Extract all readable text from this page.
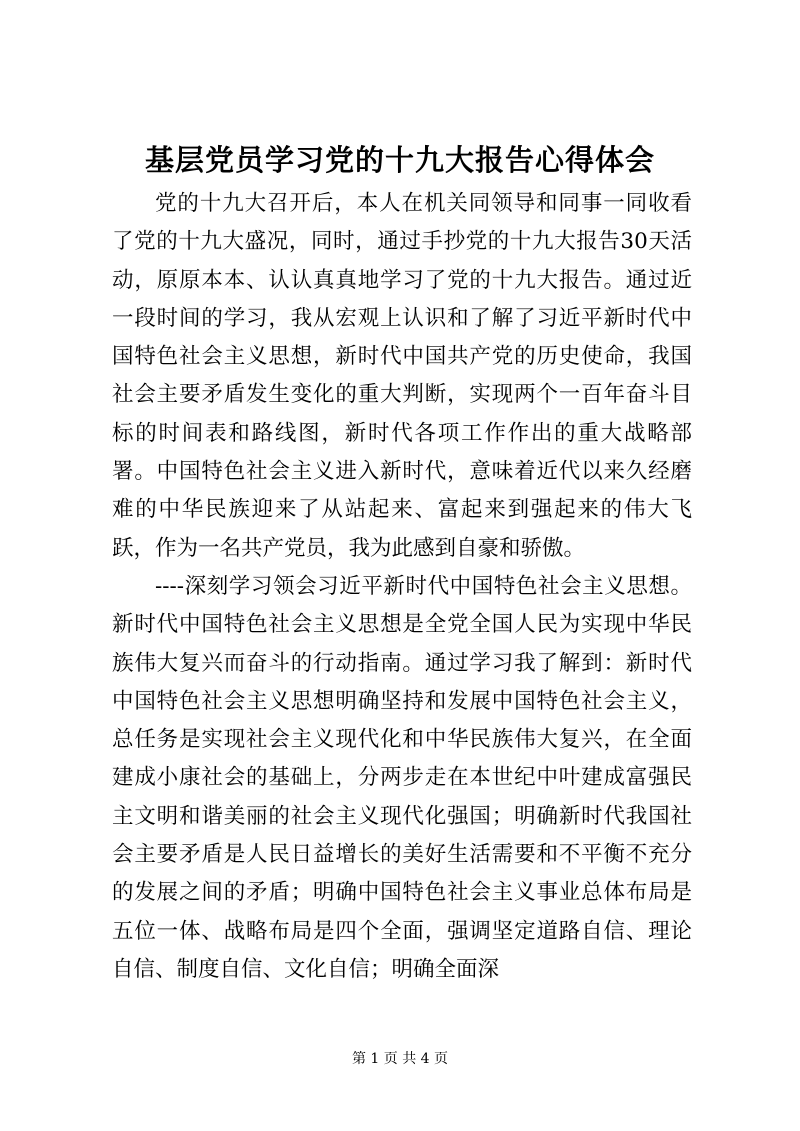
基层党员学习党的十九大报告心得体会

党的十九大召开后，本人在机关同领导和同事一同收看了党的十九大盛况，同时，通过手抄党的十九大报告30天活动，原原本本、认认真真地学习了党的十九大报告。通过近一段时间的学习，我从宏观上认识和了解了习近平新时代中国特色社会主义思想，新时代中国共产党的历史使命，我国社会主要矛盾发生变化的重大判断，实现两个一百年奋斗目标的时间表和路线图，新时代各项工作作出的重大战略部署。中国特色社会主义进入新时代，意味着近代以来久经磨难的中华民族迎来了从站起来、富起来到强起来的伟大飞跃，作为一名共产党员，我为此感到自豪和骄傲。

----深刻学习领会习近平新时代中国特色社会主义思想。新时代中国特色社会主义思想是全党全国人民为实现中华民族伟大复兴而奋斗的行动指南。通过学习我了解到：新时代中国特色社会主义思想明确坚持和发展中国特色社会主义，总任务是实现社会主义现代化和中华民族伟大复兴，在全面建成小康社会的基础上，分两步走在本世纪中叶建成富强民主文明和谐美丽的社会主义现代化强国；明确新时代我国社会主要矛盾是人民日益增长的美好生活需要和不平衡不充分的发展之间的矛盾；明确中国特色社会主义事业总体布局是五位一体、战略布局是四个全面，强调坚定道路自信、理论自信、制度自信、文化自信；明确全面深

第 1 页 共 4 页
